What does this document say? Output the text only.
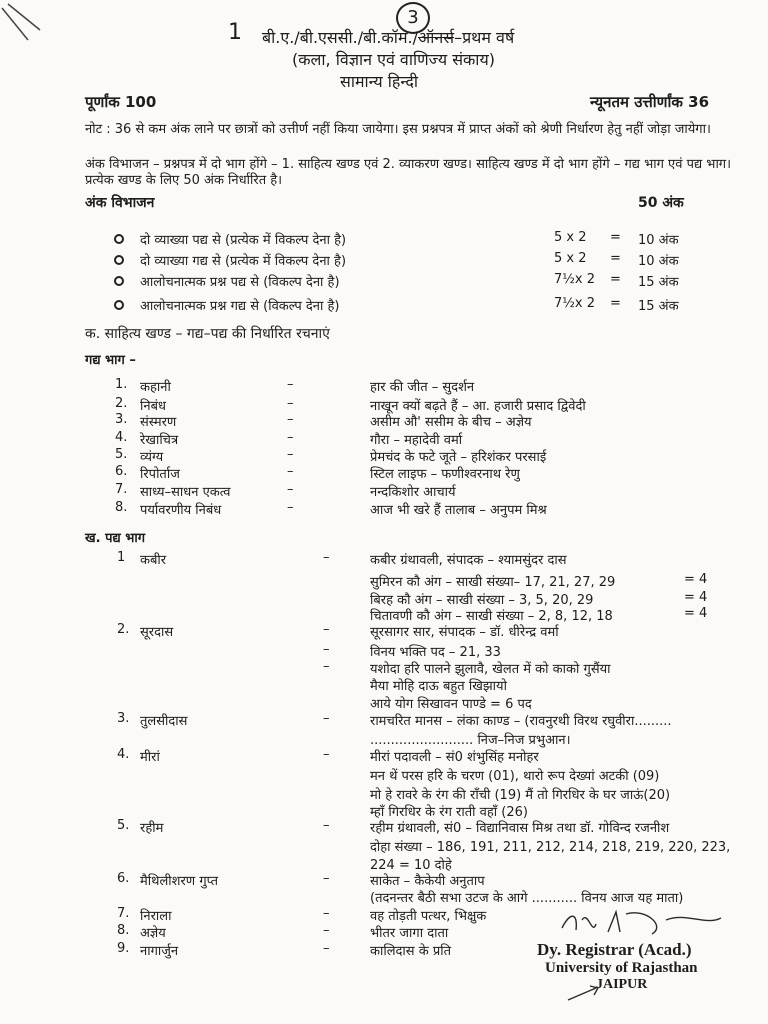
1
3
बी.ए./बी.एससी./बी.कॉम./ऑनर्स–प्रथम वर्ष
(कला, विज्ञान एवं वाणिज्य संकाय)
सामान्य हिन्दी
पूर्णांक 100	न्यूनतम उत्तीर्णांक 36
नोट : 36 से कम अंक लाने पर छात्रों को उत्तीर्ण नहीं किया जायेगा। इस प्रश्नपत्र में प्राप्त अंकों को श्रेणी निर्धारण हेतु नहीं जोड़ा जायेगा।
अंक विभाजन – प्रश्नपत्र में दो भाग होंगे – 1. साहित्य खण्ड एवं 2. व्याकरण खण्ड। साहित्य खण्ड में दो भाग होंगे – गद्य भाग एवं पद्य भाग। प्रत्येक खण्ड के लिए 50 अंक निर्धारित है।
अंक विभाजन	50 अंक
दो व्याख्या पद्य से (प्रत्येक में विकल्प देना है)	5 x 2 = 10 अंक
दो व्याख्या गद्य से (प्रत्येक में विकल्प देना है)	5 x 2 = 10 अंक
आलोचनात्मक प्रश्न पद्य से (विकल्प देना है)	7½x 2 = 15 अंक
आलोचनात्मक प्रश्न गद्य से (विकल्प देना है)	7½x 2 = 15 अंक
क. साहित्य खण्ड – गद्य–पद्य की निर्धारित रचनाएं
गद्य भाग –
1. कहानी	–	हार की जीत – सुदर्शन
2. निबंध	–	नाखून क्यों बढ़ते हैं – आ. हजारी प्रसाद द्विवेदी
3. संस्मरण	–	असीम औ' ससीम के बीच – अज्ञेय
4. रेखाचित्र	–	गौरा – महादेवी वर्मा
5. व्यंग्य	–	प्रेमचंद के फटे जूते – हरिशंकर परसाई
6. रिपोर्ताज	–	स्टिल लाइफ – फणीश्वरनाथ रेणु
7. साध्य–साधन एकत्व	–	नन्दकिशोर आचार्य
8. पर्यावरणीय निबंध	–	आज भी खरे हैं तालाब – अनुपम मिश्र
ख. पद्य भाग
1 कबीर	–	कबीर ग्रंथावली, संपादक – श्यामसुंदर दास
सुमिरन कौ अंग – साखी संख्या– 17, 21, 27, 29	= 4
बिरह कौ अंग – साखी संख्या – 3, 5, 20, 29	= 4
चितावणी कौ अंग – साखी संख्या – 2, 8, 12, 18	= 4
2. सूरदास	–	सूरसागर सार, संपादक – डॉ. धीरेन्द्र वर्मा
विनय भक्ति पद – 21, 33
–
यशोदा हरि पालने झुलावै, खेलत में को काको गुसैंया
–
मैया मोहि दाऊ बहुत खिझायो
आये योग सिखावन पाण्डे = 6 पद
3. तुलसीदास	–	रामचरित मानस – लंका काण्ड – (रावनुरथी विरथ रघुवीरा.........
......................... निज–निज प्रभुआन।
4. मीरां	–	मीरां पदावली – सं0 शंभुसिंह मनोहर
मन थें परस हरि के चरण (01), थारो रूप देख्यां अटकी (09)
मो हे रावरे के रंग की राँची (19) मैं तो गिरधिर के घर जाऊं(20)
म्हाँ गिरधिर के रंग राती वहाँ (26)
5. रहीम	–	रहीम ग्रंथावली, सं0 – विद्यानिवास मिश्र तथा डॉ. गोविन्द रजनीश
दोहा संख्या – 186, 191, 211, 212, 214, 218, 219, 220, 223,
224 = 10 दोहे
6. मैथिलीशरण गुप्त	–	साकेत – कैकेयी अनुताप
(तदनन्तर बैठी सभा उटज के आगे ........... विनय आज यह माता)
7. निराला	–	वह तोड़ती पत्थर, भिक्षुक
8. अज्ञेय	–	भीतर जागा दाता
9. नागार्जुन	–	कालिदास के प्रति	Dy. Registrar (Acad.)
University of Rajasthan
JAIPUR
